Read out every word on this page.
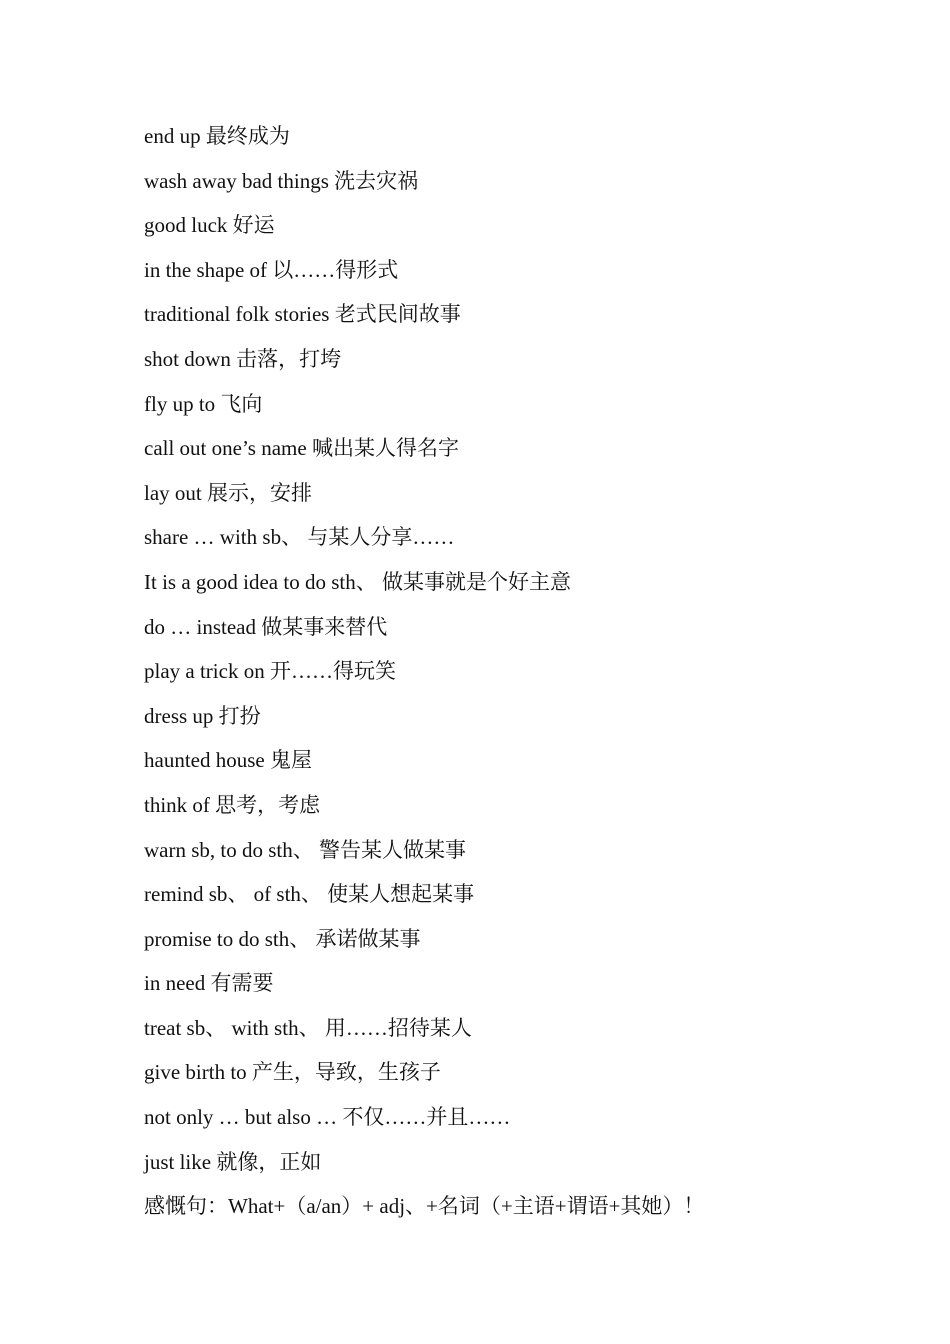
end up 最终成为
wash away bad things 洗去灾祸
good luck 好运
in the shape of 以……得形式
traditional folk stories 老式民间故事
shot down 击落，打垮
fly up to 飞向
call out one’s name 喊出某人得名字
lay out 展示，安排
share … with sb、 与某人分享……
It is a good idea to do sth、 做某事就是个好主意
do … instead 做某事来替代
play a trick on 开……得玩笑
dress up 打扮
haunted house 鬼屋
think of 思考，考虑
warn sb, to do sth、 警告某人做某事
remind sb、 of sth、 使某人想起某事
promise to do sth、 承诺做某事
in need 有需要
treat sb、 with sth、 用……招待某人
give birth to 产生，导致，生孩子
not only … but also … 不仅……并且……
just like 就像，正如
感慨句：What+（a/an）+ adj、+名词（+主语+谓语+其她）！
